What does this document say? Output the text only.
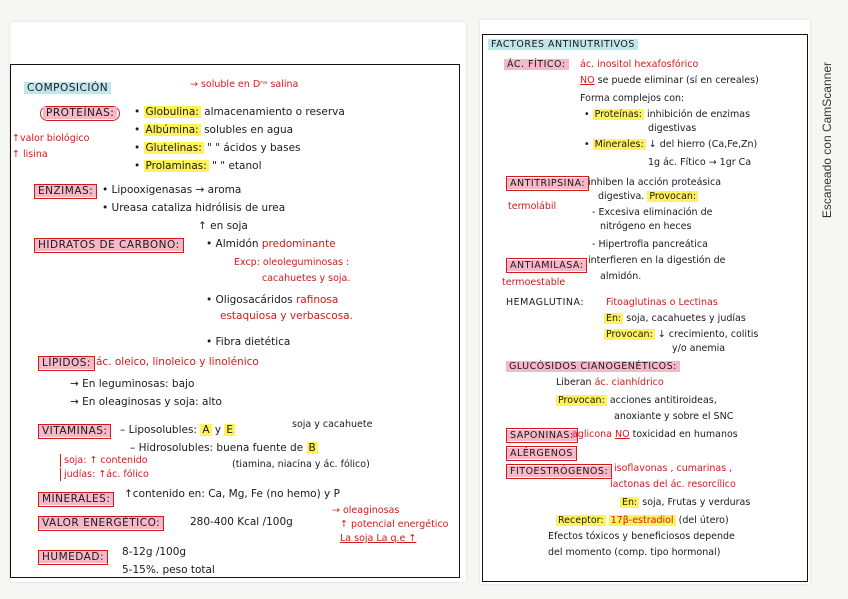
COMPOSICIÓN	→ soluble en Dⁿˢ salina
PROTEÍNAS:
↑valor biológico
↑ lisina
• Globulina: almacenamiento o reserva
• Albúmina: solubles en agua
• Glutelinas: " " ácidos y bases
• Prolaminas: " " etanol
ENZIMAS:	• Lipooxigenasas → aroma
• Ureasa cataliza hidrólisis de urea
↑ en soja
HIDRATOS DE CARBONO:	• Almidón predominante
Excp: oleoleguminosas :
cacahuetes y soja.
• Oligosacáridos rafinosa
estaquiosa y verbascosa.
• Fibra dietética
LÍPIDOS: ác. oleico, linoleico y linolénico
→ En leguminosas: bajo
→ En oleaginosas y soja: alto
VITAMINAS:	– Liposolubles: A y E	soja y cacahuete
– Hidrosolubles: buena fuente de B
(tiamina, niacina y ác. fólico)
soja: ↑ contenido
judías: ↑ác. fólico
MINERALES:	↑contenido en: Ca, Mg, Fe (no hemo) y P
VALOR ENERGÉTICO:	280-400 Kcal /100g
→ oleaginosas
↑ potencial energético
La soja La q.e ↑
HUMEDAD:	8-12g /100g
5-15%. peso total
FACTORES ANTINUTRITIVOS
ÁC. FÍTICO:	ác. inositol hexafosfórico
NO se puede eliminar (sí en cereales)
Forma complejos con:
• Proteínas: inhibición de enzimas
digestivas
• Minerales: ↓ del hierro (Ca,Fe,Zn)
1g ác. Fítico → 1gr Ca
ANTITRIPSINA: inhiben la acción proteásica
digestiva. Provocan:
termolábil
- Excesiva eliminación de
nitrógeno en heces
- Hipertrofia pancreática
ANTIAMILASA: interfieren en la digestión de
almidón.
termoestable
HEMAGLUTINA: Fitoaglutinas o Lectinas
En: soja, cacahuetes y judías
Provocan: ↓ crecimiento, colitis
y/o anemia
GLUCÓSIDOS CIANOGENÉTICOS:
Liberan ác. cianhídrico
Provocan: acciones antitiroideas,
anoxiante y sobre el SNC
SAPONINAS:
aglicona NO toxicidad en humanos
ALÉRGENOS
FITOESTRÓGENOS: isoflavonas , cumarinas ,
lactonas del ác. resorcílico
En: soja, Frutas y verduras
Receptor: 17β-estradiol (del útero)
Efectos tóxicos y beneficiosos depende
del momento (comp. tipo hormonal)
Escaneado con CamScanner
